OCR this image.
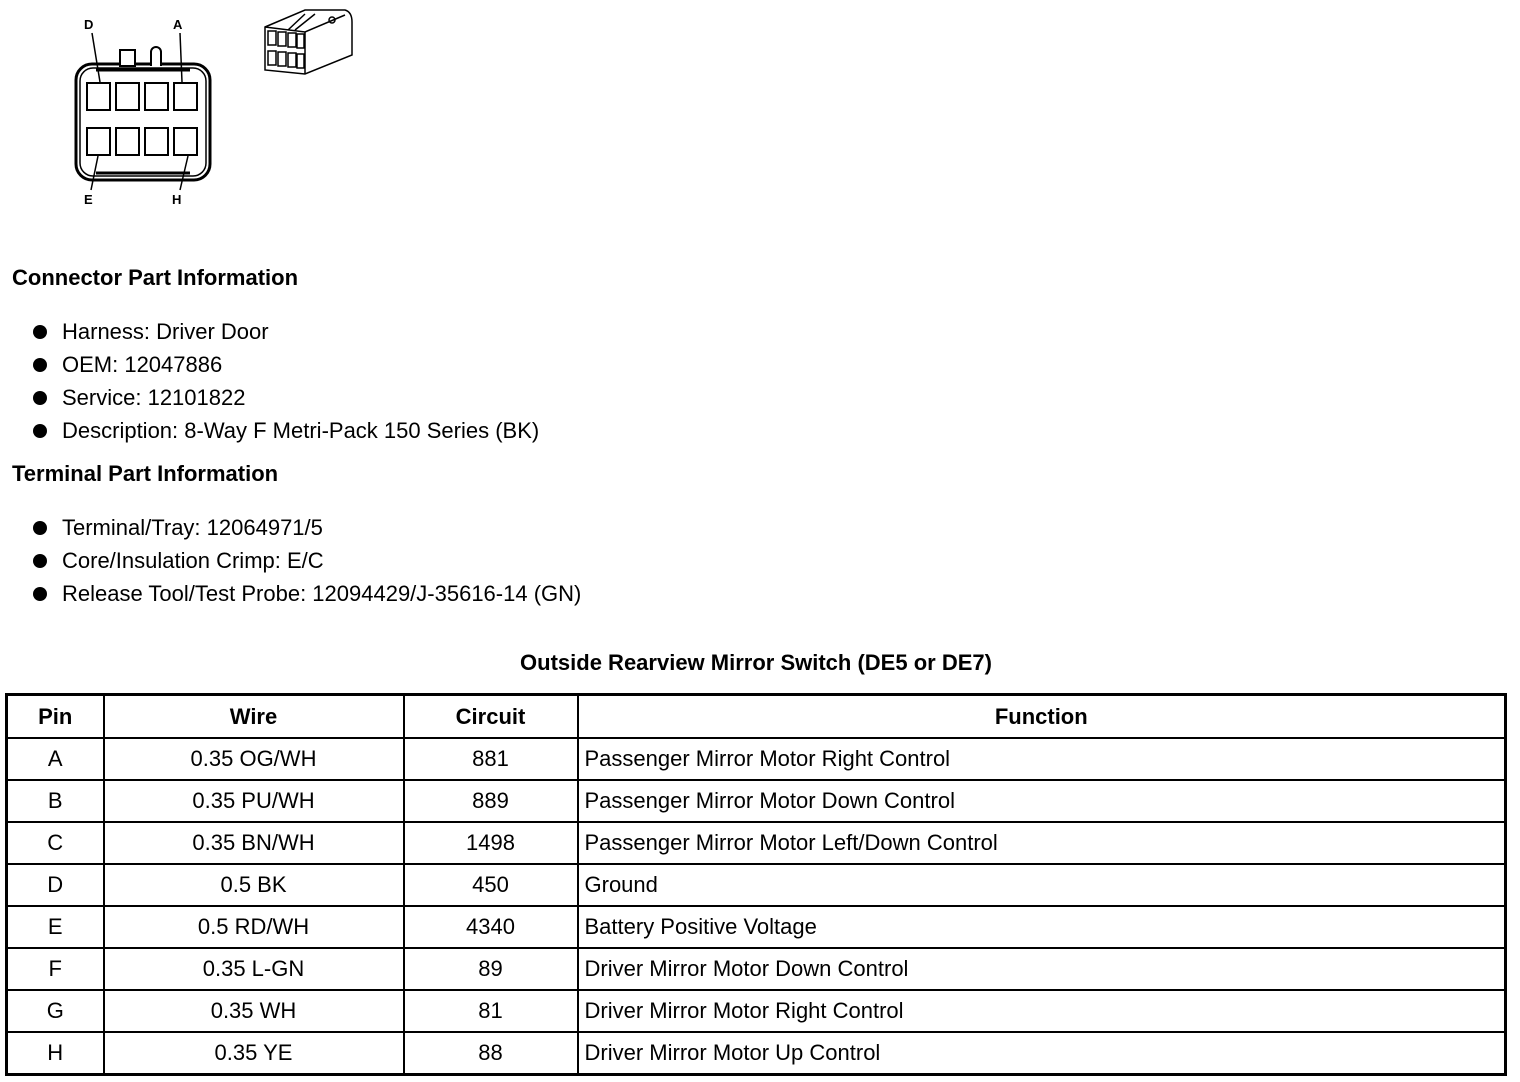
D	A
E	H
Connector Part Information
Harness: Driver Door
OEM: 12047886
Service: 12101822
Description: 8-Way F Metri-Pack 150 Series (BK)
Terminal Part Information
Terminal/Tray: 12064971/5
Core/Insulation Crimp: E/C
Release Tool/Test Probe: 12094429/J-35616-14 (GN)
Outside Rearview Mirror Switch (DE5 or DE7)
Pin	Wire	Circuit	Function
A	0.35 OG/WH	881	Passenger Mirror Motor Right Control
B	0.35 PU/WH	889	Passenger Mirror Motor Down Control
C	0.35 BN/WH	1498	Passenger Mirror Motor Left/Down Control
D	0.5 BK	450	Ground
E	0.5 RD/WH	4340	Battery Positive Voltage
F	0.35 L-GN	89	Driver Mirror Motor Down Control
G	0.35 WH	81	Driver Mirror Motor Right Control
H	0.35 YE	88	Driver Mirror Motor Up Control
